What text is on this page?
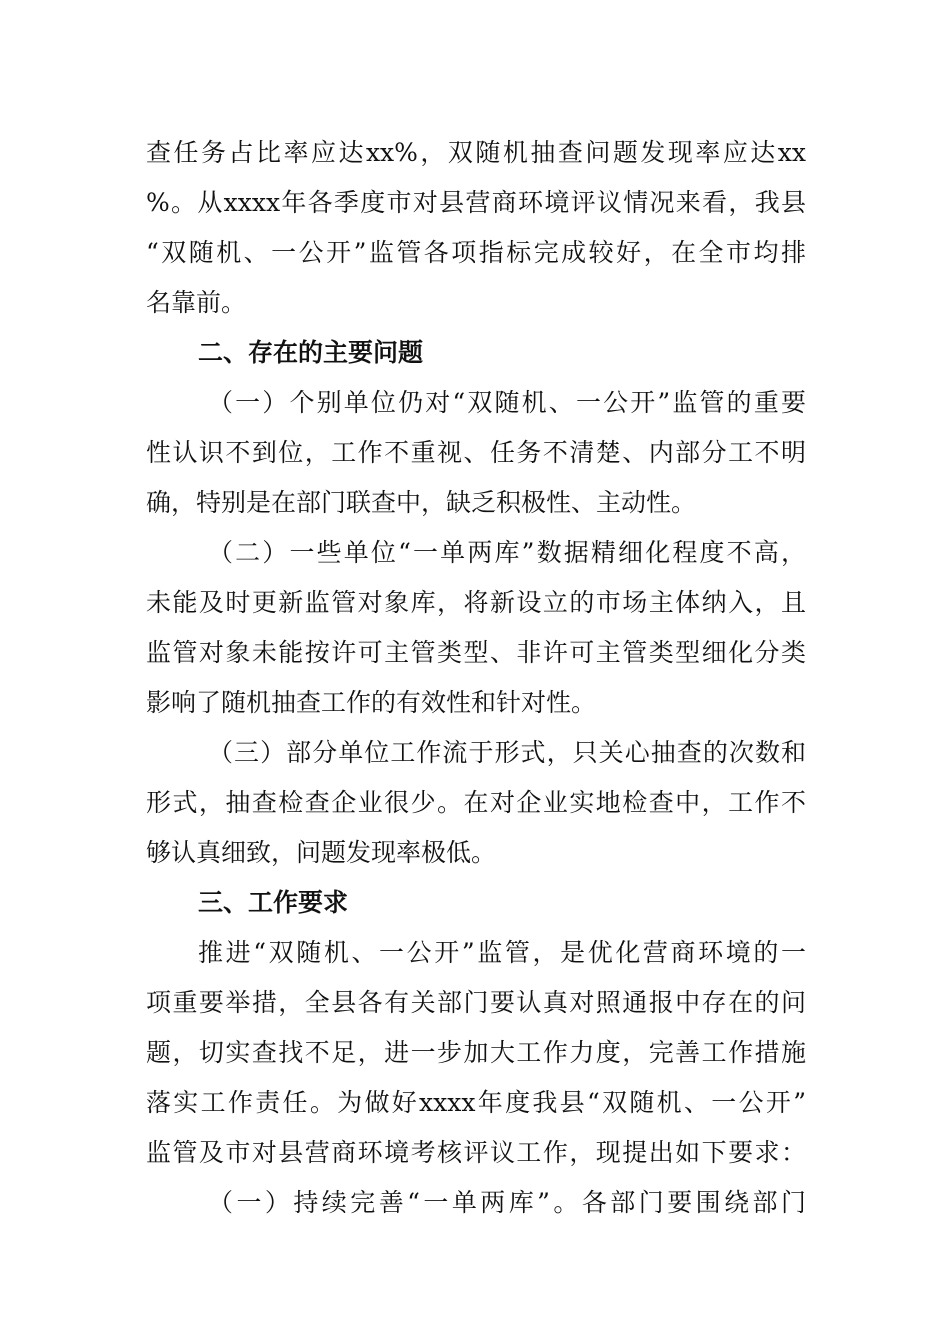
查任务占比率应达xx%，双随机抽查问题发现率应达xx
%。从xxxx年各季度市对县营商环境评议情况来看，我县
“双随机、一公开”监管各项指标完成较好，在全市均排
名靠前。
二、存在的主要问题
（一）个别单位仍对“双随机、一公开”监管的重要
性认识不到位，工作不重视、任务不清楚、内部分工不明
确，特别是在部门联查中，缺乏积极性、主动性。
（二）一些单位“一单两库”数据精细化程度不高，
未能及时更新监管对象库，将新设立的市场主体纳入，且
监管对象未能按许可主管类型、非许可主管类型细化分类
影响了随机抽查工作的有效性和针对性。
（三）部分单位工作流于形式，只关心抽查的次数和
形式，抽查检查企业很少。在对企业实地检查中，工作不
够认真细致，问题发现率极低。
三、工作要求
推进“双随机、一公开”监管，是优化营商环境的一
项重要举措，全县各有关部门要认真对照通报中存在的问
题，切实查找不足，进一步加大工作力度，完善工作措施
落实工作责任。为做好xxxx年度我县“双随机、一公开”
监管及市对县营商环境考核评议工作，现提出如下要求：
（一）持续完善“一单两库”。各部门要围绕部门
